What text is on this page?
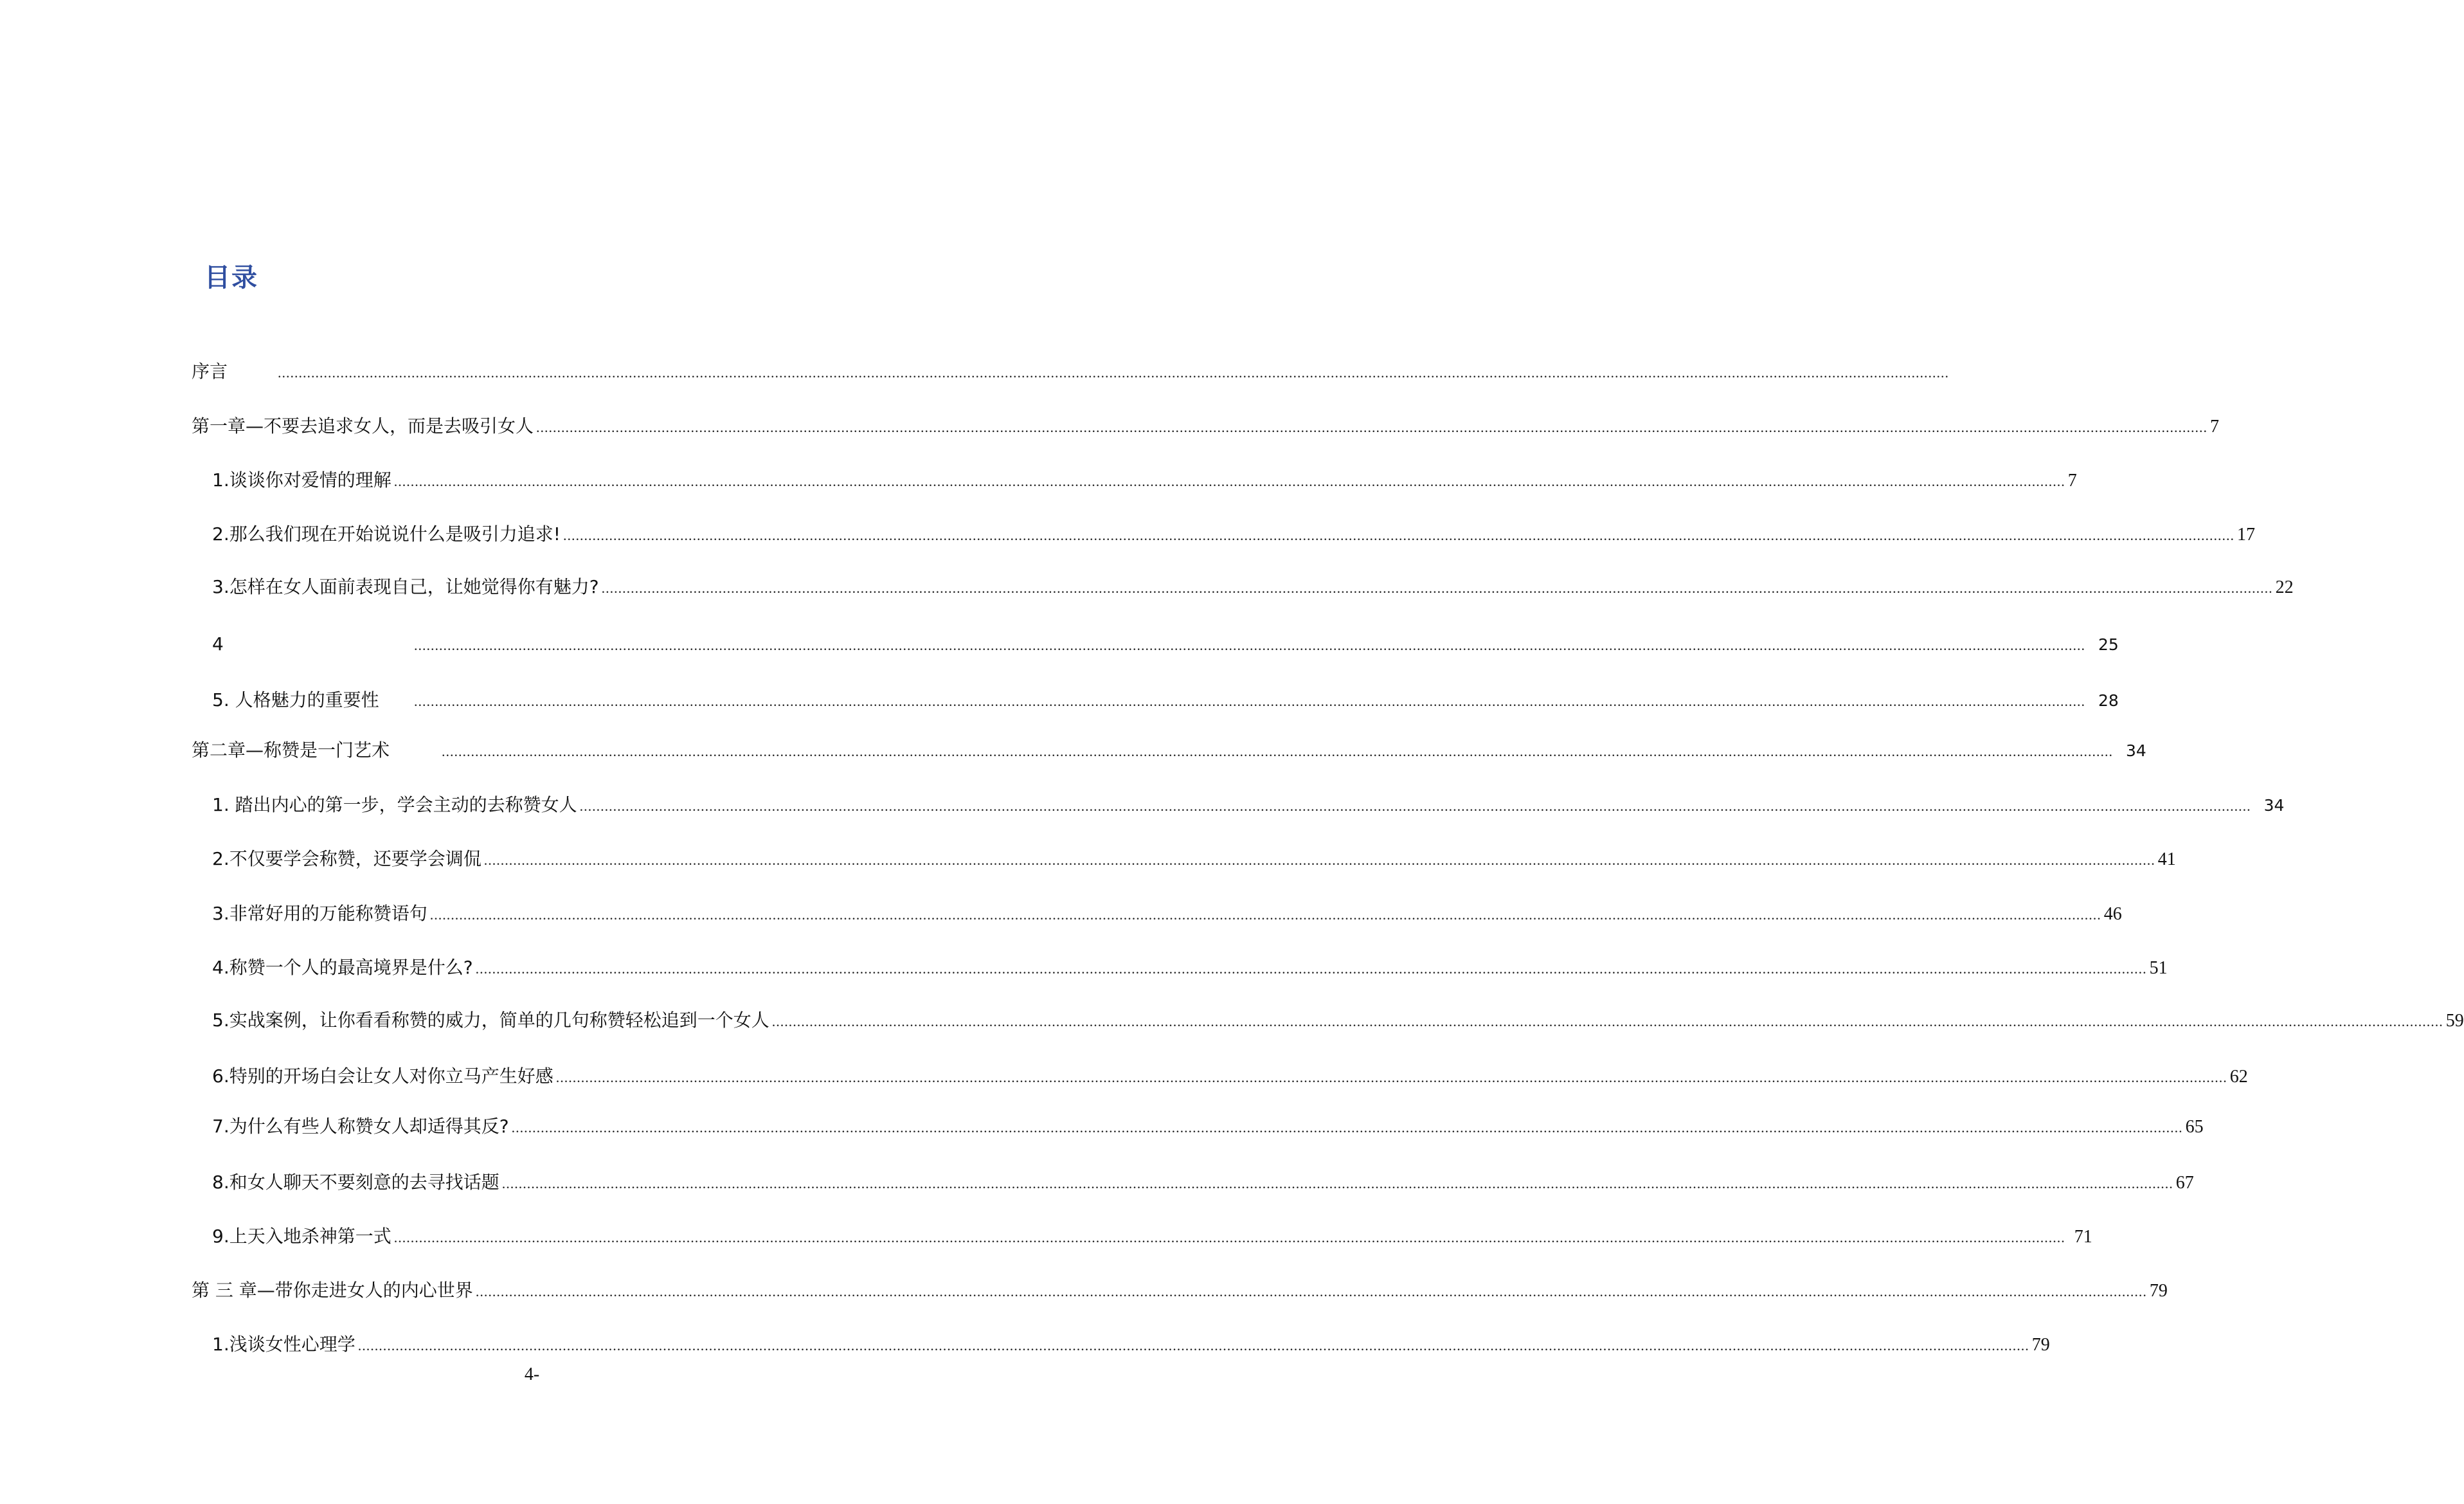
目录
序言	................................................................................................................................................................................................................................................................................................................................................................................................................
第一章—不要去追求女人，而是去吸引女人 ................................................................................................................................................................................................................................................................................................................................................................................................................ 7
1.谈谈你对爱情的理解 ................................................................................................................................................................................................................................................................................................................................................................................................................ 7
2.那么我们现在开始说说什么是吸引力追求! ................................................................................................................................................................................................................................................................................................................................................................................................................ 17
3.怎样在女人面前表现自己，让她觉得你有魅力? ................................................................................................................................................................................................................................................................................................................................................................................................................ 22
4	................................................................................................................................................................................................................................................................................................................................................................................................................ 25
5. 人格魅力的重要性	................................................................................................................................................................................................................................................................................................................................................................................................................ 28
第二章—称赞是一门艺术	................................................................................................................................................................................................................................................................................................................................................................................................................ 34
1. 踏出内心的第一步，学会主动的去称赞女人 ................................................................................................................................................................................................................................................................................................................................................................................................................ 34
2.不仅要学会称赞，还要学会调侃 ................................................................................................................................................................................................................................................................................................................................................................................................................ 41
3.非常好用的万能称赞语句 ................................................................................................................................................................................................................................................................................................................................................................................................................ 46
4.称赞一个人的最高境界是什么? ................................................................................................................................................................................................................................................................................................................................................................................................................ 51
5.实战案例，让你看看称赞的威力，简单的几句称赞轻松追到一个女人 ................................................................................................................................................................................................................................................................................................................................................................................................................ 59
6.特别的开场白会让女人对你立马产生好感 ................................................................................................................................................................................................................................................................................................................................................................................................................ 62
7.为什么有些人称赞女人却适得其反? ................................................................................................................................................................................................................................................................................................................................................................................................................ 65
8.和女人聊天不要刻意的去寻找话题 ................................................................................................................................................................................................................................................................................................................................................................................................................ 67
9.上天入地杀神第一式 ................................................................................................................................................................................................................................................................................................................................................................................................................ 71
第 三 章—带你走进女人的内心世界 ................................................................................................................................................................................................................................................................................................................................................................................................................ 79
1.浅谈女性心理学 ................................................................................................................................................................................................................................................................................................................................................................................................................ 79
4-
